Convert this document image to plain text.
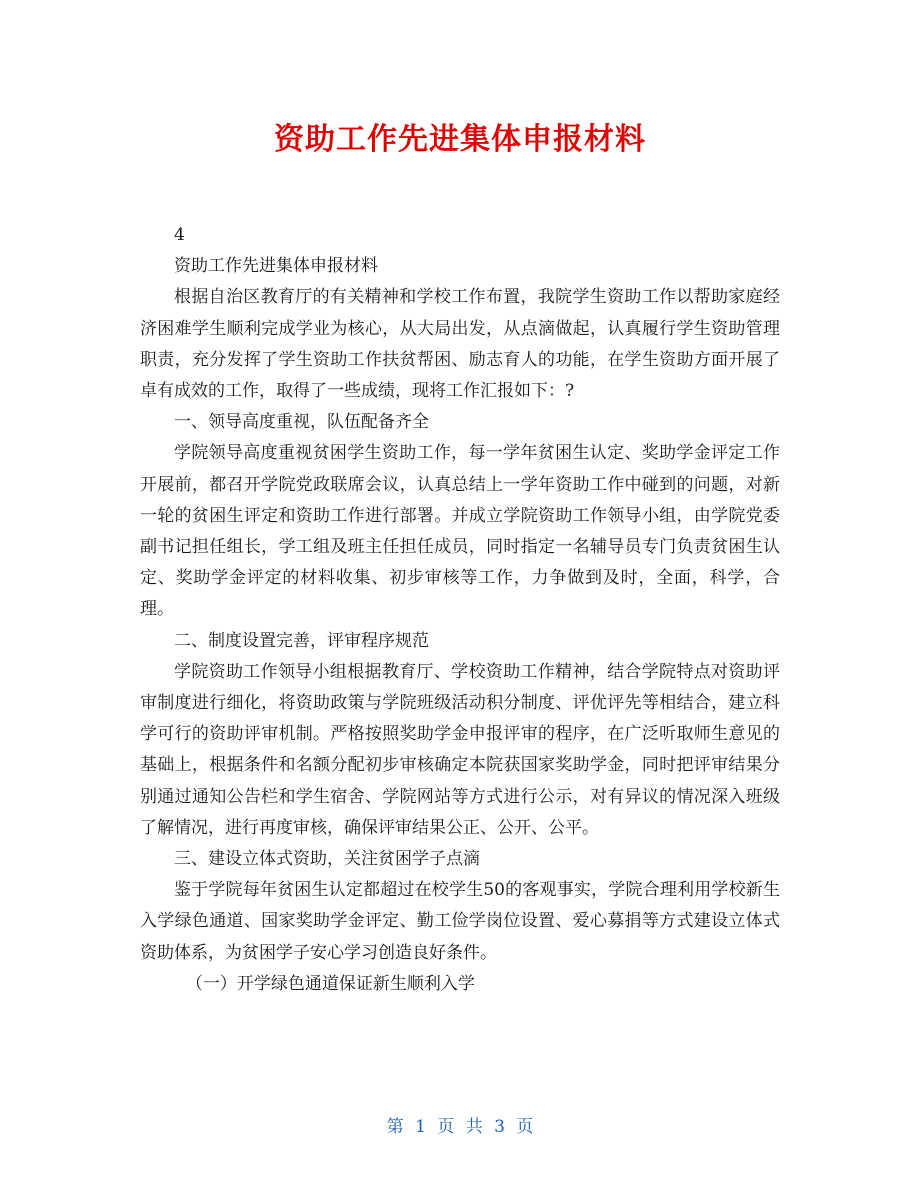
资助工作先进集体申报材料

4

资助工作先进集体申报材料

根据自治区教育厅的有关精神和学校工作布置，我院学生资助工作以帮助家庭经济困难学生顺利完成学业为核心，从大局出发，从点滴做起，认真履行学生资助管理职责，充分发挥了学生资助工作扶贫帮困、励志育人的功能，在学生资助方面开展了卓有成效的工作，取得了一些成绩，现将工作汇报如下：?

一、领导高度重视，队伍配备齐全

学院领导高度重视贫困学生资助工作，每一学年贫困生认定、奖助学金评定工作开展前，都召开学院党政联席会议，认真总结上一学年资助工作中碰到的问题，对新一轮的贫困生评定和资助工作进行部署。并成立学院资助工作领导小组，由学院党委副书记担任组长，学工组及班主任担任成员，同时指定一名辅导员专门负责贫困生认定、奖助学金评定的材料收集、初步审核等工作，力争做到及时，全面，科学，合理。

二、制度设置完善，评审程序规范

学院资助工作领导小组根据教育厅、学校资助工作精神，结合学院特点对资助评审制度进行细化，将资助政策与学院班级活动积分制度、评优评先等相结合，建立科学可行的资助评审机制。严格按照奖助学金申报评审的程序，在广泛听取师生意见的基础上，根据条件和名额分配初步审核确定本院获国家奖助学金，同时把评审结果分别通过通知公告栏和学生宿舍、学院网站等方式进行公示，对有异议的情况深入班级了解情况，进行再度审核，确保评审结果公正、公开、公平。

三、建设立体式资助，关注贫困学子点滴

鉴于学院每年贫困生认定都超过在校学生50的客观事实，学院合理利用学校新生入学绿色通道、国家奖助学金评定、勤工俭学岗位设置、爱心募捐等方式建设立体式资助体系，为贫困学子安心学习创造良好条件。

（一）开学绿色通道保证新生顺利入学

第 1 页 共 3 页
